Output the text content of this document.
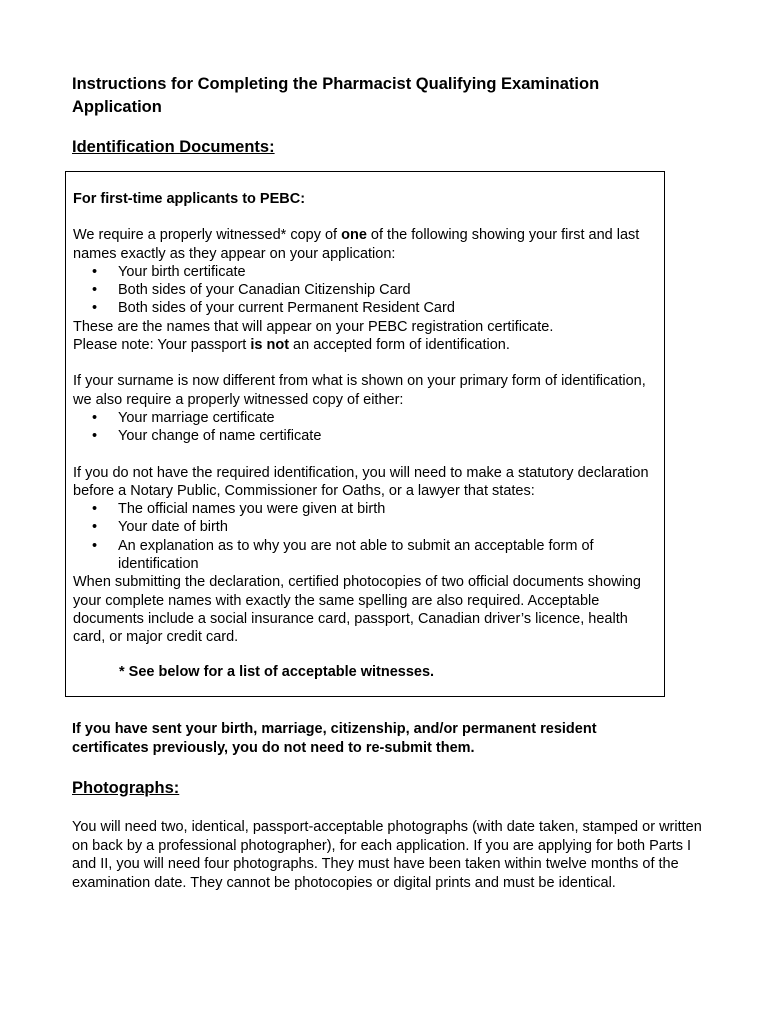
Instructions for Completing the Pharmacist Qualifying Examination Application
Identification Documents:

For first-time applicants to PEBC:

We require a properly witnessed* copy of one of the following showing your first and last names exactly as they appear on your application:

• Your birth certificate
• Both sides of your Canadian Citizenship Card
• Both sides of your current Permanent Resident Card

These are the names that will appear on your PEBC registration certificate.

Please note: Your passport is not an accepted form of identification.

If your surname is now different from what is shown on your primary form of identification, we also require a properly witnessed copy of either:

• Your marriage certificate
• Your change of name certificate

If you do not have the required identification, you will need to make a statutory declaration before a Notary Public, Commissioner for Oaths, or a lawyer that states:

• The official names you were given at birth
• Your date of birth
• An explanation as to why you are not able to submit an acceptable form of identification

When submitting the declaration, certified photocopies of two official documents showing your complete names with exactly the same spelling are also required. Acceptable documents include a social insurance card, passport, Canadian driver’s licence, health card, or major credit card.

* See below for a list of acceptable witnesses.

If you have sent your birth, marriage, citizenship, and/or permanent resident certificates previously, you do not need to re-submit them.
Photographs:
You will need two, identical, passport-acceptable photographs (with date taken, stamped or written on back by a professional photographer), for each application. If you are applying for both Parts I and II, you will need four photographs. They must have been taken within twelve months of the examination date. They cannot be photocopies or digital prints and must be identical.
